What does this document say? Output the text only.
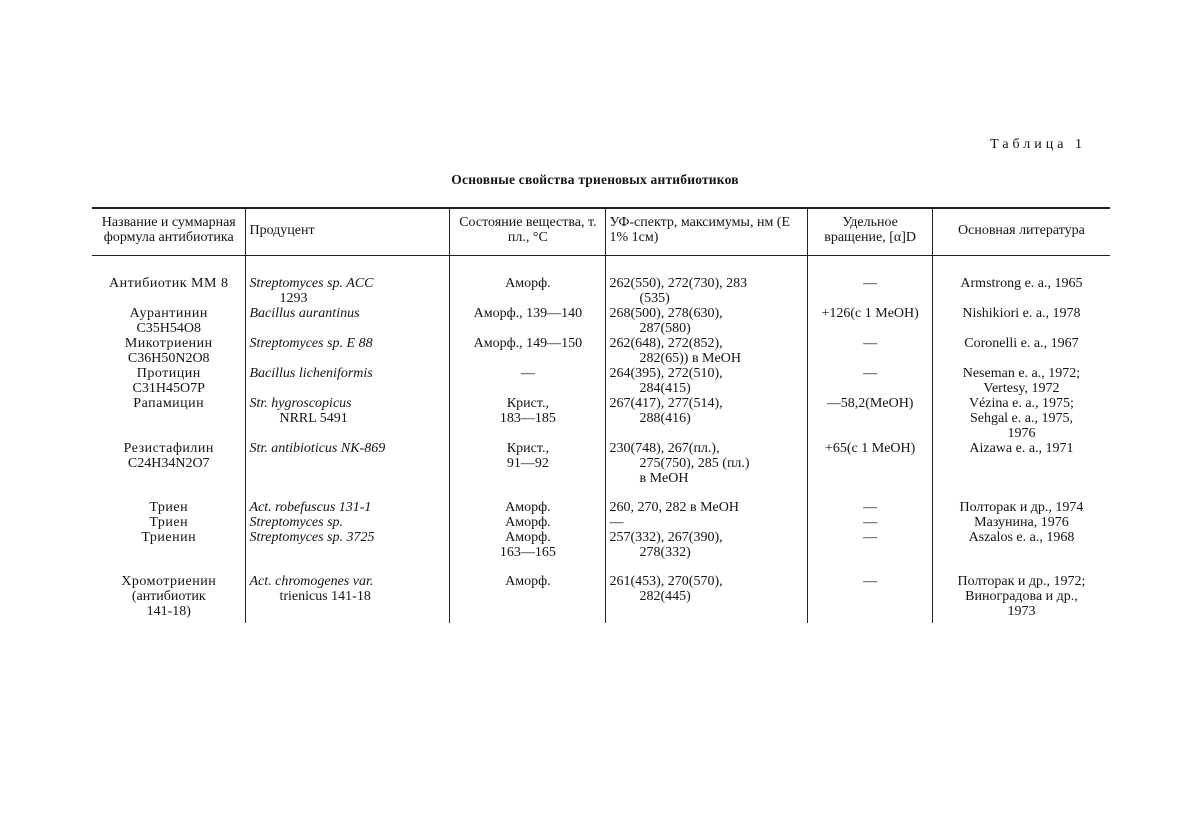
Таблица 1
Основные свойства триеновых антибиотиков
Название и суммарная формула антибиотика	Продуцент	Состояние вещества, т. пл., °С	УФ-спектр, максимумы, нм (E 1% 1см)	Удельное вращение, [α]D	Основная литература

Антибиотик MM 8	Streptomyces sp. ACC
1293	Аморф.	262(550), 272(730), 283
(535)	—	Armstrong e. a., 1965

Аурантинин
C35H54O8	Bacillus aurantinus	Аморф., 139—140	268(500), 278(630),
287(580)	+126(c 1 MeOH)	Nishikiori e. a., 1978

Микотриенин
C36H50N2O8	Streptomyces sp. E 88	Аморф., 149—150	262(648), 272(852),
282(65)) в MeOH	—	Coronelli e. a., 1967

Протицин
C31H45O7P	Bacillus licheniformis	—	264(395), 272(510),
284(415)	—	Neseman e. a., 1972;
Vertesy, 1972

Рапамицин	Str. hygroscopicus
NRRL 5491	Крист.,
183—185	267(417), 277(514),
288(416)	—58,2(MeOH)	Vézina e. a., 1975;
Sehgal e. a., 1975,
1976

Резистафилин
C24H34N2O7	Str. antibioticus NK-869	Крист.,
91—92	230(748), 267(пл.),
275(750), 285 (пл.)
в MeOH	+65(c 1 MeOH)	Aizawa e. a., 1971

Триен	Act. robefuscus 131-1	Аморф.	260, 270, 282 в MeOH	—	Полторак и др., 1974

Триен	Streptomyces sp.	Аморф.	—	—	Мазунина, 1976

Триенин	Streptomyces sp. 3725	Аморф.
163—165	257(332), 267(390),
278(332)	—	Aszalos e. a., 1968

Хромотриенин
(антибиотик
141-18)	Act. chromogenes var.
trienicus 141-18	Аморф.	261(453), 270(570),
282(445)	—	Полторак и др., 1972;
Виноградова и др.,
1973
